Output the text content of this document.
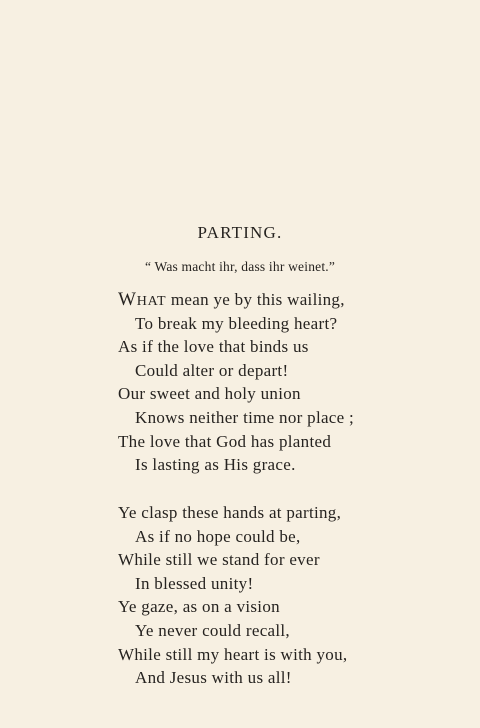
PARTING.
“ Was macht ihr, dass ihr weinet.”
WHAT mean ye by this wailing,
To break my bleeding heart?
As if the love that binds us
Could alter or depart!
Our sweet and holy union
Knows neither time nor place ;
The love that God has planted
Is lasting as His grace.
Ye clasp these hands at parting,
As if no hope could be,
While still we stand for ever
In blessed unity!
Ye gaze, as on a vision
Ye never could recall,
While still my heart is with you,
And Jesus with us all!
